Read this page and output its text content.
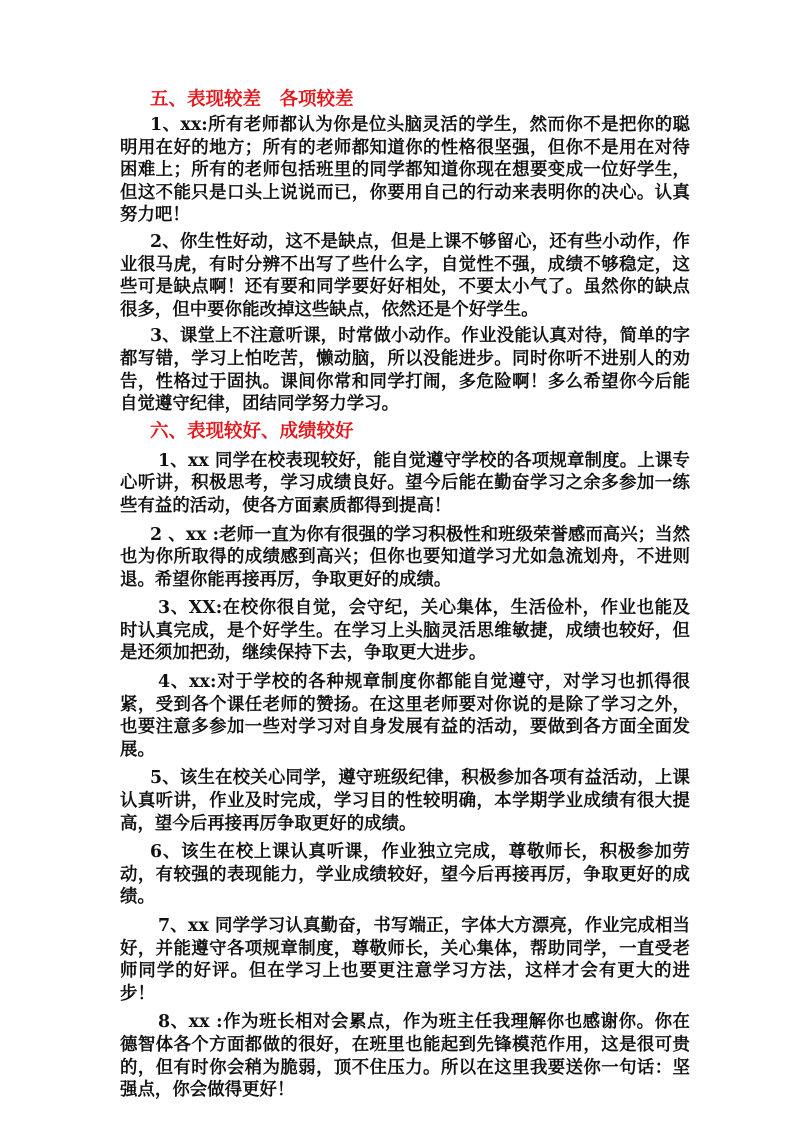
五、表现较差　各项较差

1、xx:所有老师都认为你是位头脑灵活的学生，然而你不是把你的聪明用在好的地方；所有的老师都知道你的性格很坚强，但你不是用在对待困难上；所有的老师包括班里的同学都知道你现在想要变成一位好学生，但这不能只是口头上说说而已，你要用自己的行动来表明你的决心。认真努力吧！

2、你生性好动，这不是缺点，但是上课不够留心，还有些小动作，作业很马虎，有时分辨不出写了些什么字，自觉性不强，成绩不够稳定，这些可是缺点啊！还有要和同学要好好相处，不要太小气了。虽然你的缺点很多，但中要你能改掉这些缺点，依然还是个好学生。

3、课堂上不注意听课，时常做小动作。作业没能认真对待，简单的字都写错，学习上怕吃苦，懒动脑，所以没能进步。同时你听不进别人的劝告，性格过于固执。课间你常和同学打闹，多危险啊！多么希望你今后能自觉遵守纪律，团结同学努力学习。

六、表现较好、成绩较好

1、xx 同学在校表现较好，能自觉遵守学校的各项规章制度。上课专心听讲，积极思考，学习成绩良好。望今后能在勤奋学习之余多参加一练些有益的活动，使各方面素质都得到提高！

2 、xx :老师一直为你有很强的学习积极性和班级荣誉感而高兴；当然也为你所取得的成绩感到高兴；但你也要知道学习尤如急流划舟，不进则退。希望你能再接再厉，争取更好的成绩。

3、XX:在校你很自觉，会守纪，关心集体，生活俭朴，作业也能及时认真完成，是个好学生。在学习上头脑灵活思维敏捷，成绩也较好，但是还须加把劲，继续保持下去，争取更大进步。

4、xx:对于学校的各种规章制度你都能自觉遵守，对学习也抓得很紧，受到各个课任老师的赞扬。在这里老师要对你说的是除了学习之外，也要注意多参加一些对学习对自身发展有益的活动，要做到各方面全面发展。

5、该生在校关心同学，遵守班级纪律，积极参加各项有益活动，上课认真听讲，作业及时完成，学习目的性较明确，本学期学业成绩有很大提高，望今后再接再厉争取更好的成绩。

6、该生在校上课认真听课，作业独立完成，尊敬师长，积极参加劳动，有较强的表现能力，学业成绩较好，望今后再接再厉，争取更好的成绩。

7、xx 同学学习认真勤奋，书写端正，字体大方漂亮，作业完成相当好，并能遵守各项规章制度，尊敬师长，关心集体，帮助同学，一直受老师同学的好评。但在学习上也要更注意学习方法，这样才会有更大的进步！

8、xx :作为班长相对会累点，作为班主任我理解你也感谢你。你在德智体各个方面都做的很好，在班里也能起到先锋模范作用，这是很可贵的，但有时你会稍为脆弱，顶不住压力。所以在这里我要送你一句话：坚强点，你会做得更好！
